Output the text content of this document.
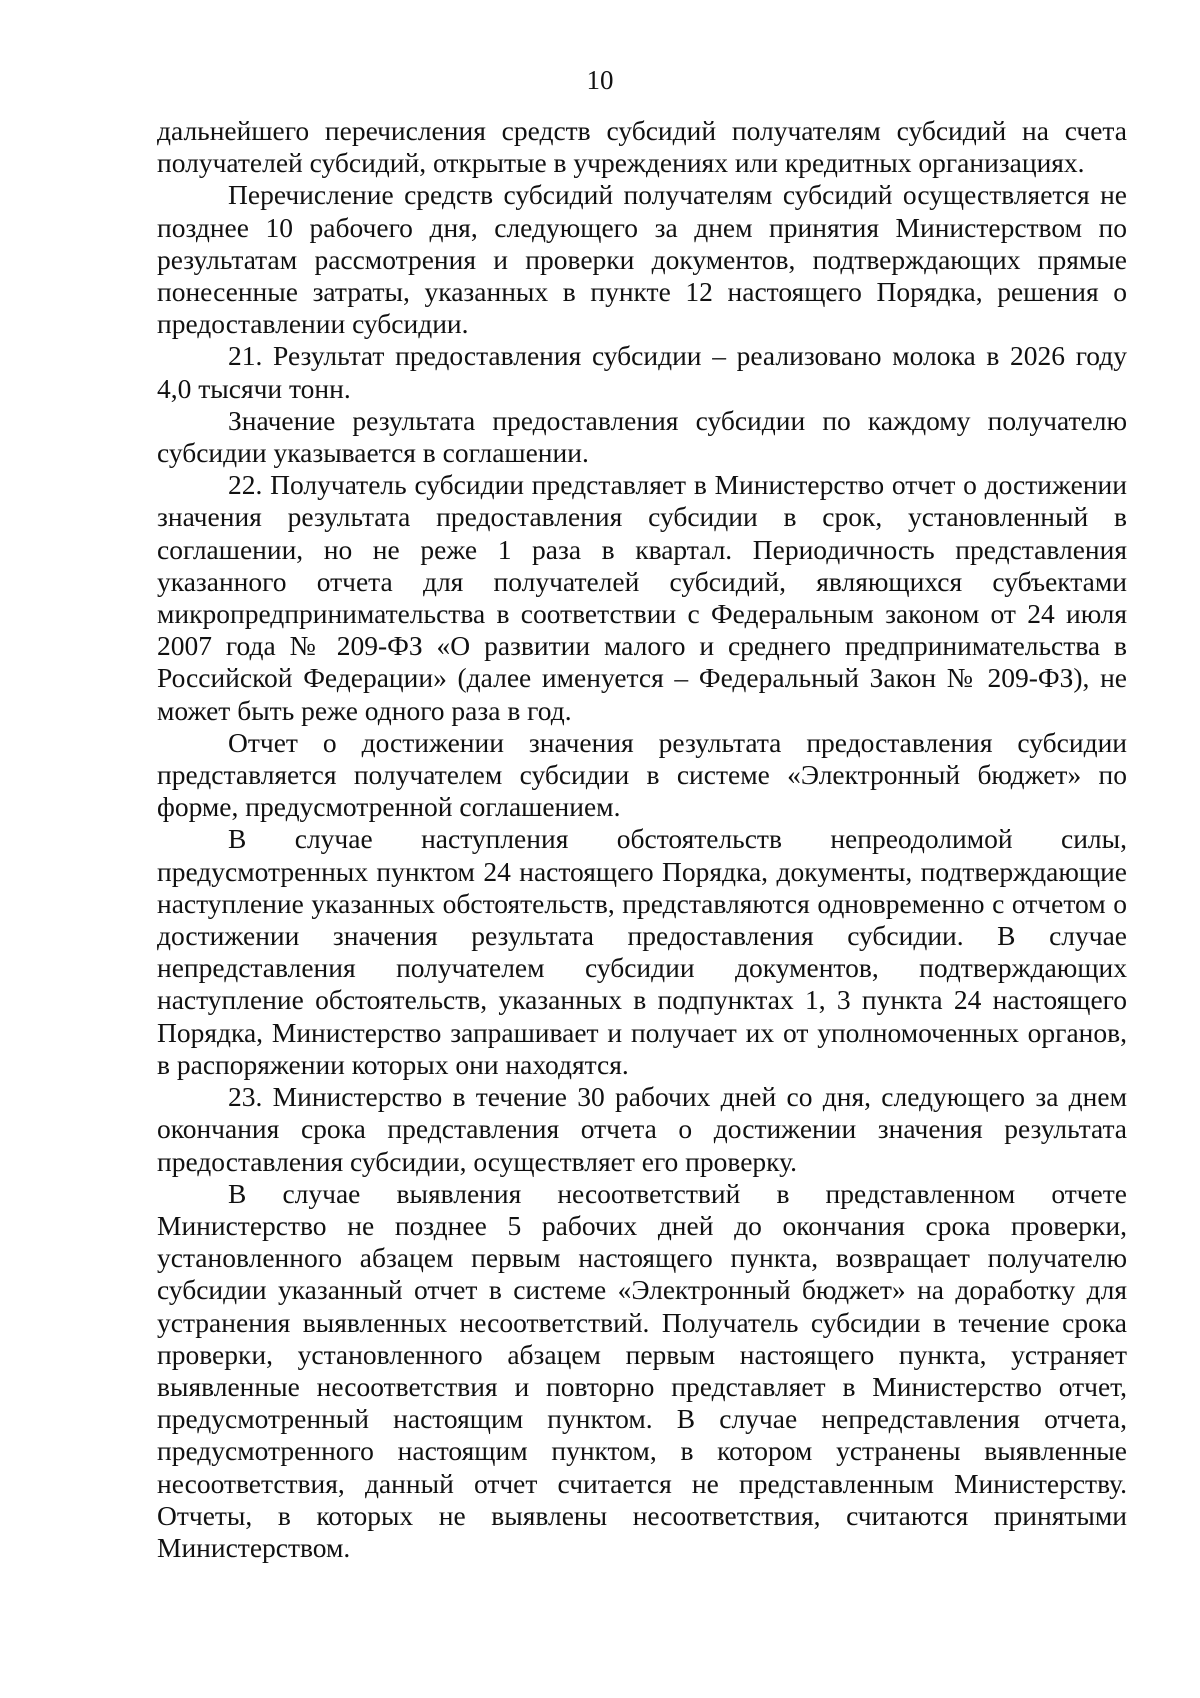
10

дальнейшего перечисления средств субсидий получателям субсидий на счета получателей субсидий, открытые в учреждениях или кредитных организациях.

Перечисление средств субсидий получателям субсидий осуществляется не позднее 10 рабочего дня, следующего за днем принятия Министерством по результатам рассмотрения и проверки документов, подтверждающих прямые понесенные затраты, указанных в пункте 12 настоящего Порядка, решения о предоставлении субсидии.

21. Результат предоставления субсидии – реализовано молока в 2026 году 4,0 тысячи тонн.

Значение результата предоставления субсидии по каждому получателю субсидии указывается в соглашении.

22. Получатель субсидии представляет в Министерство отчет о достижении значения результата предоставления субсидии в срок, установленный в соглашении, но не реже 1 раза в квартал. Периодичность представления указанного отчета для получателей субсидий, являющихся субъектами микропредпринимательства в соответствии с Федеральным законом от 24 июля 2007 года № 209-ФЗ «О развитии малого и среднего предпринимательства в Российской Федерации» (далее именуется – Федеральный Закон № 209-ФЗ), не может быть реже одного раза в год.

Отчет о достижении значения результата предоставления субсидии представляется получателем субсидии в системе «Электронный бюджет» по форме, предусмотренной соглашением.

В случае наступления обстоятельств непреодолимой силы, предусмотренных пунктом 24 настоящего Порядка, документы, подтверждающие наступление указанных обстоятельств, представляются одновременно с отчетом о достижении значения результата предоставления субсидии. В случае непредставления получателем субсидии документов, подтверждающих наступление обстоятельств, указанных в подпунктах 1, 3 пункта 24 настоящего Порядка, Министерство запрашивает и получает их от уполномоченных органов, в распоряжении которых они находятся.

23. Министерство в течение 30 рабочих дней со дня, следующего за днем окончания срока представления отчета о достижении значения результата предоставления субсидии, осуществляет его проверку.

В случае выявления несоответствий в представленном отчете Министерство не позднее 5 рабочих дней до окончания срока проверки, установленного абзацем первым настоящего пункта, возвращает получателю субсидии указанный отчет в системе «Электронный бюджет» на доработку для устранения выявленных несоответствий. Получатель субсидии в течение срока проверки, установленного абзацем первым настоящего пункта, устраняет выявленные несоответствия и повторно представляет в Министерство отчет, предусмотренный настоящим пунктом. В случае непредставления отчета, предусмотренного настоящим пунктом, в котором устранены выявленные несоответствия, данный отчет считается не представленным Министерству. Отчеты, в которых не выявлены несоответствия, считаются принятыми Министерством.
